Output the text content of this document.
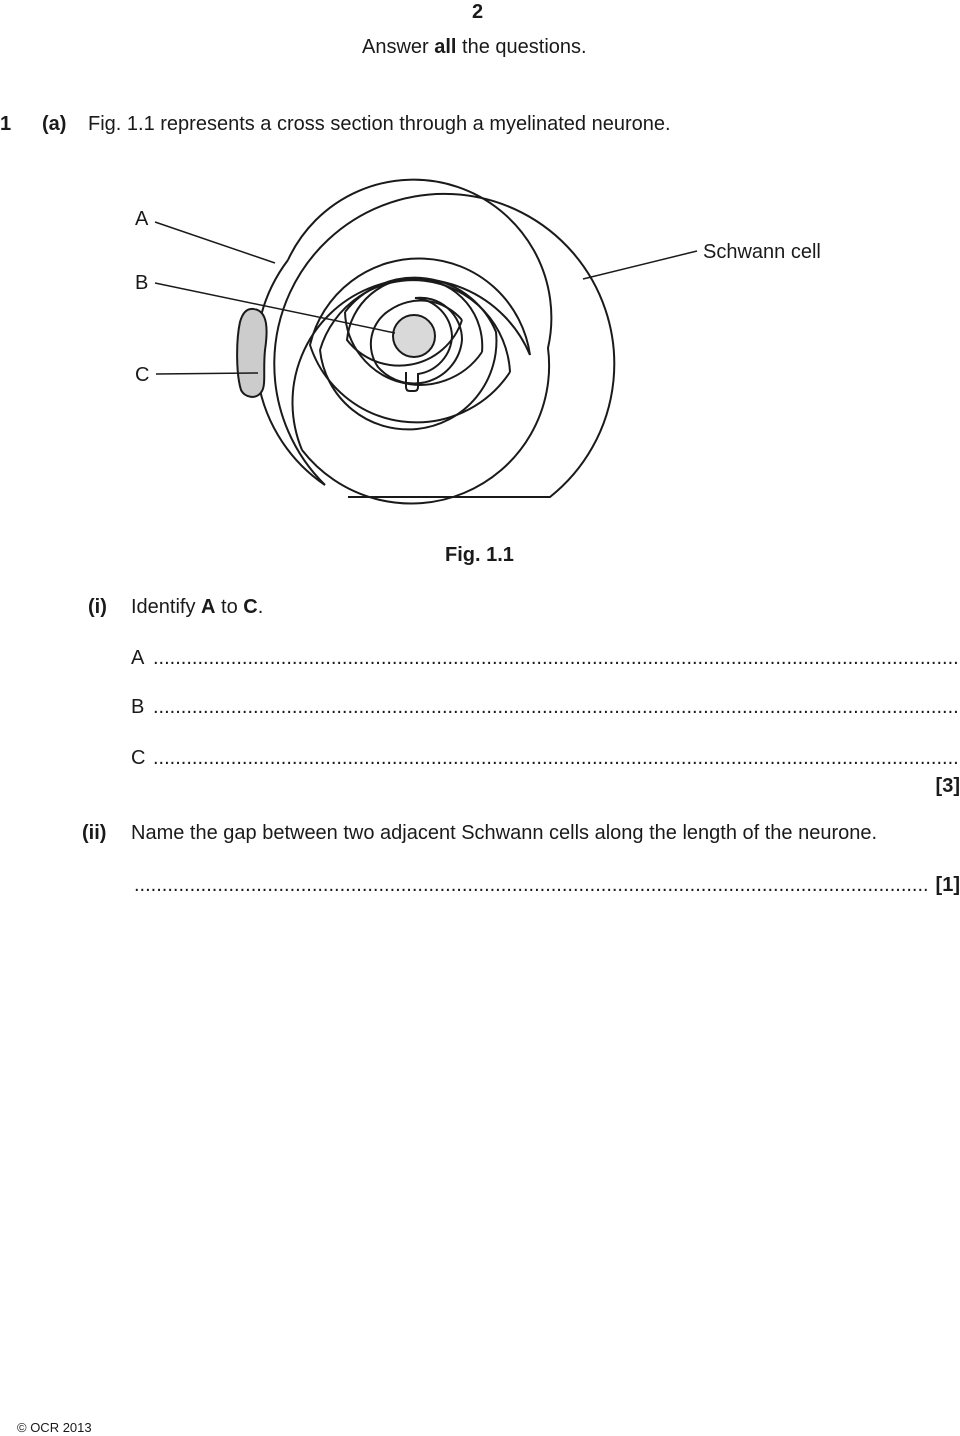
2
Answer all the questions.
1 (a) Fig. 1.1 represents a cross section through a myelinated neurone.
A
B
C
Schwann cell
Fig. 1.1
(i) Identify A to C.
A
.....
B
.....
C
.....
[3]
(ii) Name the gap between two adjacent Schwann cells along the length of the neurone.
.....
[1]
© OCR 2013
